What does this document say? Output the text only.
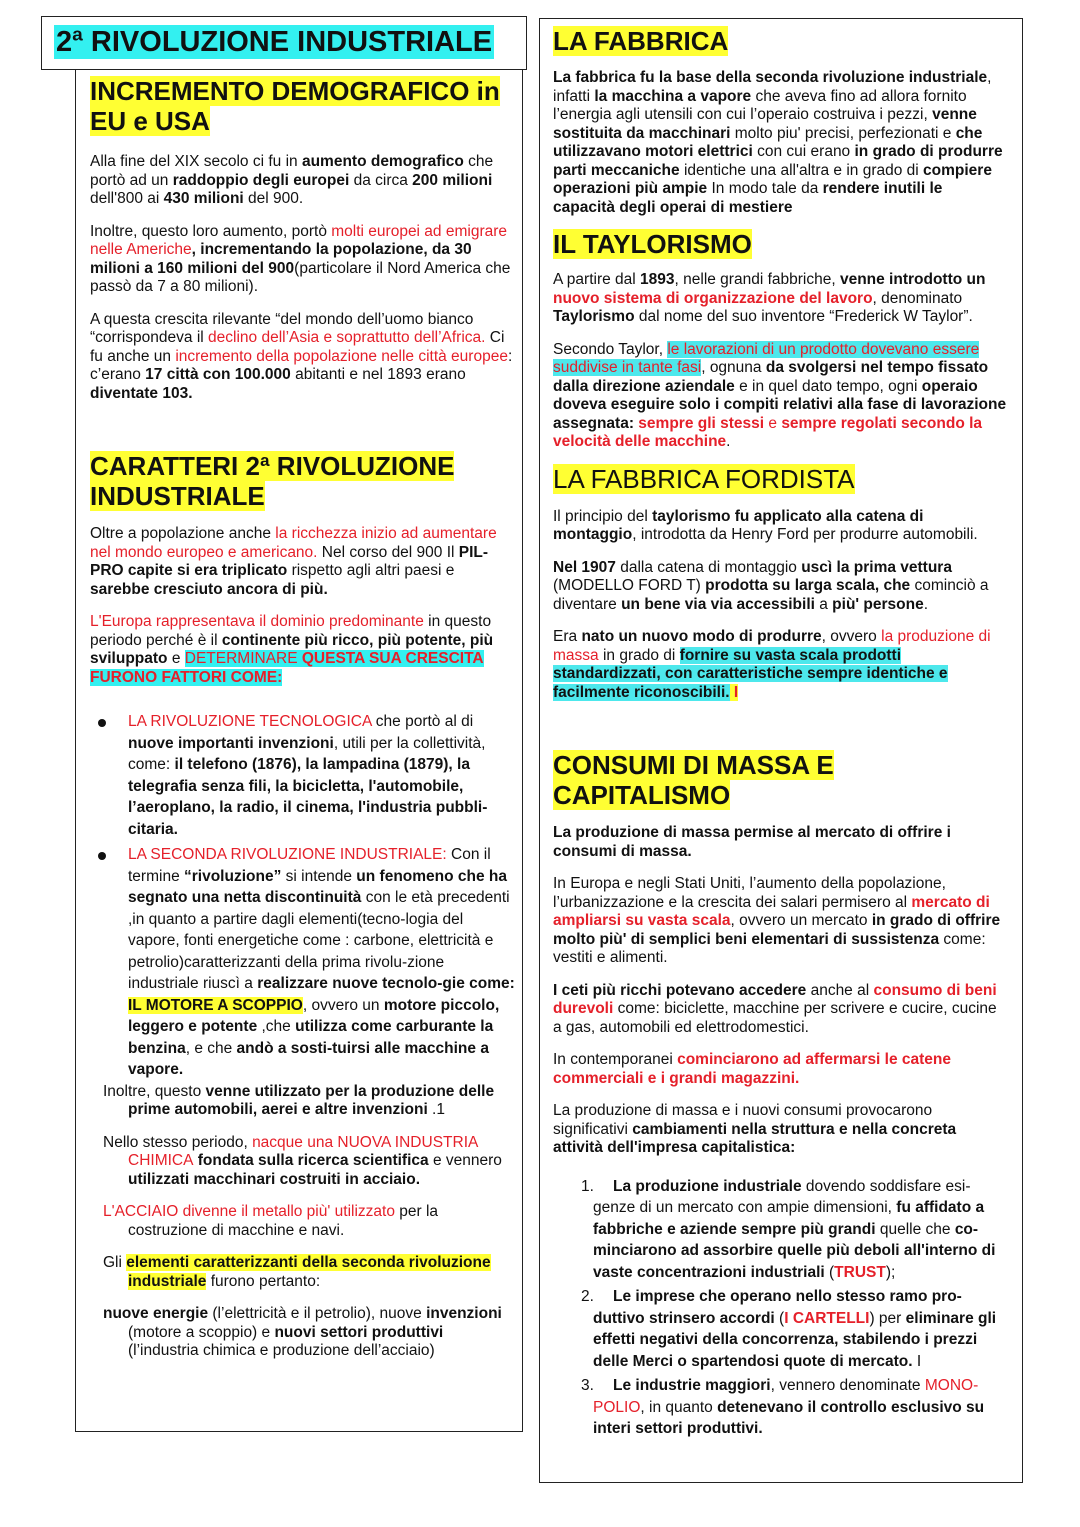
2ª RIVOLUZIONE INDUSTRIALE
INCREMENTO DEMOGRAFICO in
EU e USA

Alla fine del XIX secolo ci fu in aumento demografico che portò ad un raddoppio degli europei da circa 200 milioni dell'800 ai 430 milioni del 900.

Inoltre, questo loro aumento, portò molti europei ad emigrare nelle Americhe, incrementando la popolazione, da 30 milioni a 160 milioni del 900(particolare il Nord America che passò da 7 a 80 milioni).

A questa crescita rilevante “del mondo dell’uomo bianco “corrispondeva il declino dell’Asia e soprattutto dell’Africa. Ci fu anche un incremento della popolazione nelle città europee: c’erano 17 città con 100.000 abitanti e nel 1893 erano diventate 103.

CARATTERI 2ª RIVOLUZIONE
INDUSTRIALE

Oltre a popolazione anche la ricchezza inizio ad aumentare nel mondo europeo e americano. Nel corso del 900 Il PIL-PRO capite si era triplicato rispetto agli altri paesi e sarebbe cresciuto ancora di più.

L'Europa rappresentava il dominio predominante in questo periodo perché è il continente più ricco, più potente, più sviluppato e DETERMINARE QUESTA SUA CRESCITA FURONO FATTORI COME:

LA RIVOLUZIONE TECNOLOGICA che portò al di nuove importanti invenzioni, utili per la collettività, come: il telefono (1876), la lampadina (1879), la telegrafia senza fili, la bicicletta, l'automobile, l’aeroplano, la radio, il cinema, l'industria pubbli-citaria.
LA SECONDA RIVOLUZIONE INDUSTRIALE: Con il termine “rivoluzione” si intende un fenomeno che ha segnato una netta discontinuità con le età precedenti ,in quanto a partire dagli elementi(tecno-logia del vapore, fonti energetiche come : carbone, elettricità e petrolio)caratterizzanti della prima rivolu-zione industriale riuscì a realizzare nuove tecnolo-gie come: IL MOTORE A SCOPPIO, ovvero un motore piccolo, leggero e potente ,che utilizza come carburante la benzina, e che andò a sosti-tuirsi alle macchine a vapore.

Inoltre, questo venne utilizzato per la produzione delle prime automobili, aerei e altre invenzioni .1

Nello stesso periodo, nacque una NUOVA INDUSTRIA CHIMICA fondata sulla ricerca scientifica e vennero utilizzati macchinari costruiti in acciaio.

L'ACCIAIO divenne il metallo più' utilizzato per la costruzione di macchine e navi.

Gli elementi caratterizzanti della seconda rivoluzione industriale furono pertanto:

nuove energie (l’elettricità e il petrolio), nuove invenzioni (motore a scoppio) e nuovi settori produttivi (l’industria chimica e produzione dell’acciaio)

LA FABBRICA

La fabbrica fu la base della seconda rivoluzione industriale, infatti la macchina a vapore che aveva fino ad allora fornito l’energia agli utensili con cui l’operaio costruiva i pezzi, venne sostituita da macchinari molto piu' precisi, perfezionati e che utilizzavano motori elettrici con cui erano in grado di produrre parti meccaniche identiche una all'altra e in grado di compiere operazioni più ampie In modo tale da rendere inutili le capacità degli operai di mestiere

IL TAYLORISMO

A partire dal 1893, nelle grandi fabbriche, venne introdotto un nuovo sistema di organizzazione del lavoro, denominato Taylorismo dal nome del suo inventore “Frederick W Taylor”.

Secondo Taylor, le lavorazioni di un prodotto dovevano essere suddivise in tante fasi, ognuna da svolgersi nel tempo fissato dalla direzione aziendale e in quel dato tempo, ogni operaio doveva eseguire solo i compiti relativi alla fase di lavorazione assegnata: sempre gli stessi e sempre regolati secondo la velocità delle macchine.

LA FABBRICA FORDISTA

Il principio del taylorismo fu applicato alla catena di montaggio, introdotta da Henry Ford per produrre automobili.

Nel 1907 dalla catena di montaggio uscì la prima vettura (MODELLO FORD T) prodotta su larga scala, che cominciò a diventare un bene via via accessibili a più' persone.

Era nato un nuovo modo di produrre, ovvero la produzione di massa in grado di fornire su vasta scala prodotti standardizzati, con caratteristiche sempre identiche e facilmente riconoscibili. I

CONSUMI DI MASSA E
CAPITALISMO

La produzione di massa permise al mercato di offrire i consumi di massa.

In Europa e negli Stati Uniti, l’aumento della popolazione, l’urbanizzazione e la crescita dei salari permisero al mercato di ampliarsi su vasta scala, ovvero un mercato in grado di offrire molto più' di semplici beni elementari di sussistenza come: vestiti e alimenti.

I ceti più ricchi potevano accedere anche al consumo di beni durevoli come: biciclette, macchine per scrivere e cucire, cucine a gas, automobili ed elettrodomestici.

In contemporanei cominciarono ad affermarsi le catene commerciali e i grandi magazzini.

La produzione di massa e i nuovi consumi provocarono significativi cambiamenti nella struttura e nella concreta attività dell'impresa capitalistica:

1. La produzione industriale dovendo soddisfare esi-genze di un mercato con ampie dimensioni, fu affidato a fabbriche e aziende sempre più grandi quelle che co-minciarono ad assorbire quelle più deboli all'interno di vaste concentrazioni industriali (TRUST);
2. Le imprese che operano nello stesso ramo pro-duttivo strinsero accordi (I CARTELLI) per eliminare gli effetti negativi della concorrenza, stabilendo i prezzi delle Merci o spartendosi quote di mercato. I
3. Le industrie maggiori, vennero denominate MONO-POLIO, in quanto detenevano il controllo esclusivo su interi settori produttivi.
